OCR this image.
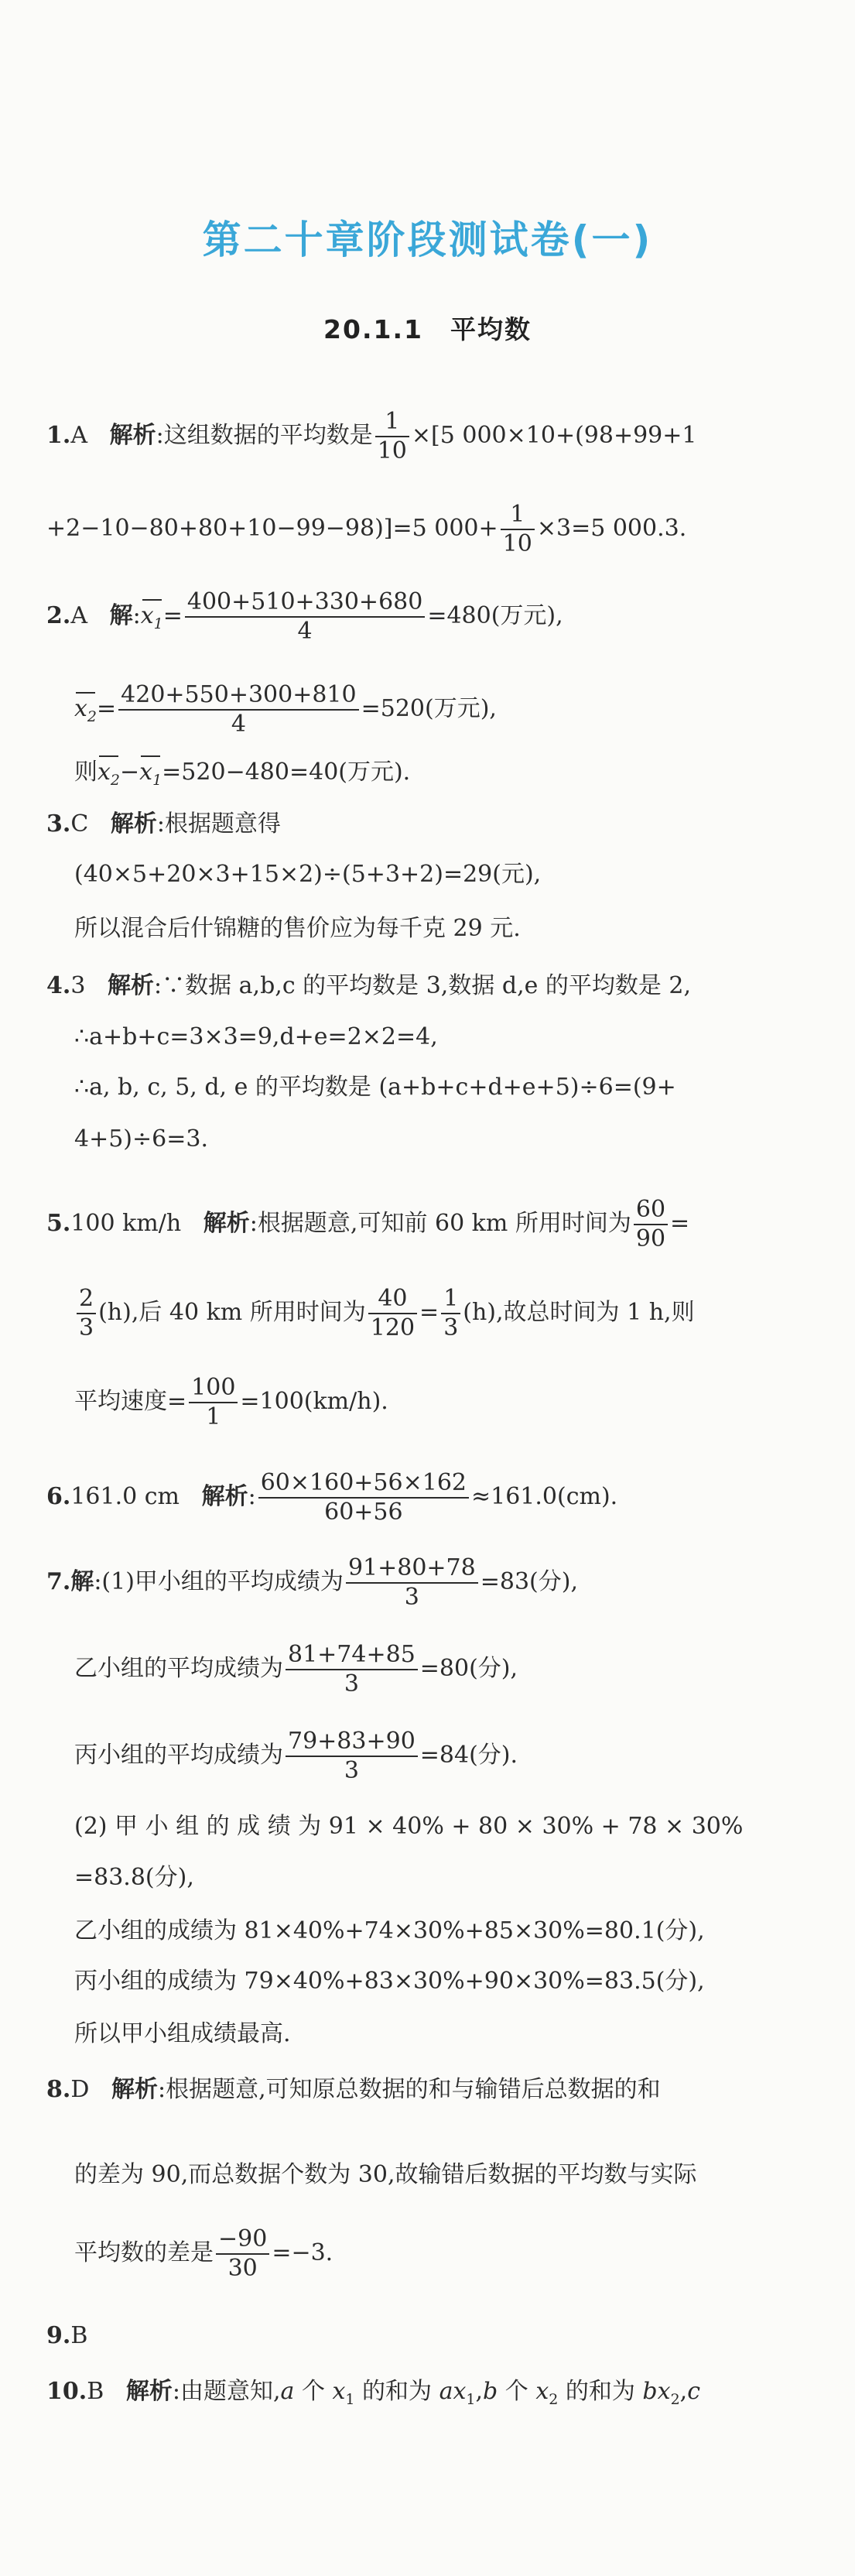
第二十章阶段测试卷(一)
20.1.1　平均数
1.A 解析:这组数据的平均数是 $\frac{1}{10} \times[5$ 000×10+(98+99+1
+2−10−80+80+10−99−98)]=5 $000+ \frac{1}{10} \times 3=5$ 000.3.
2.A 解$:x_1= \frac{400+510+330+680}{4} =480$(万元),
$x_2= \frac{420+550+300+810}{4} =520$(万元),
则$x_2-x_1=520-480=40$(万元).
3.C 解析:根据题意得
(40×5+20×3+15×2)÷(5+3+2)=29(元),
所以混合后什锦糖的售价应为每千克 29 元.
4.3 解析:∵数据 a,b,c 的平均数是 3,数据 d,e 的平均数是 2,
∴a+b+c=3×3=9,d+e=2×2=4,
∴a, b, c, 5, d, e 的平均数是 (a+b+c+d+e+5)÷6=(9+
4+5)÷6=3.
5.100 km/h 解析:根据题意,可知前 60 km 所用时间为 $\frac{60}{90}$ =
$\frac{2}{3} (h)$,后 40 km 所用时间为 $\frac{40}{120} = \frac{1}{3} (h)$,故总时间为 1 h,则
平均速度= $\frac{100}{1} =100(km/h)$.
6.161.0 cm 解析: $\frac{60\times 160+56\times 162}{60+56} \approx 161.0(cm)$.
7.解:(1)甲小组的平均成绩为 $\frac{91+80+78}{3} =83$(分),
乙小组的平均成绩为 $\frac{81+74+85}{3} =80$(分),
丙小组的平均成绩为 $\frac{79+83+90}{3} =84$(分).
(2) 甲 小 组 的 成 绩 为 91 × 40% + 80 × 30% + 78 × 30%
=83.8(分),
乙小组的成绩为 81×40%+74×30%+85×30%=80.1(分),
丙小组的成绩为 79×40%+83×30%+90×30%=83.5(分),
所以甲小组成绩最高.
8.D 解析:根据题意,可知原总数据的和与输错后总数据的和
的差为 90,而总数据个数为 30,故输错后数据的平均数与实际
平均数的差是 $\frac{-90}{30} =-3$.
9.B
10.B 解析:由题意知,a 个 $x_1$ 的和为 $ax_1,b$ 个 $x_2$ 的和为 $bx_2,c$
